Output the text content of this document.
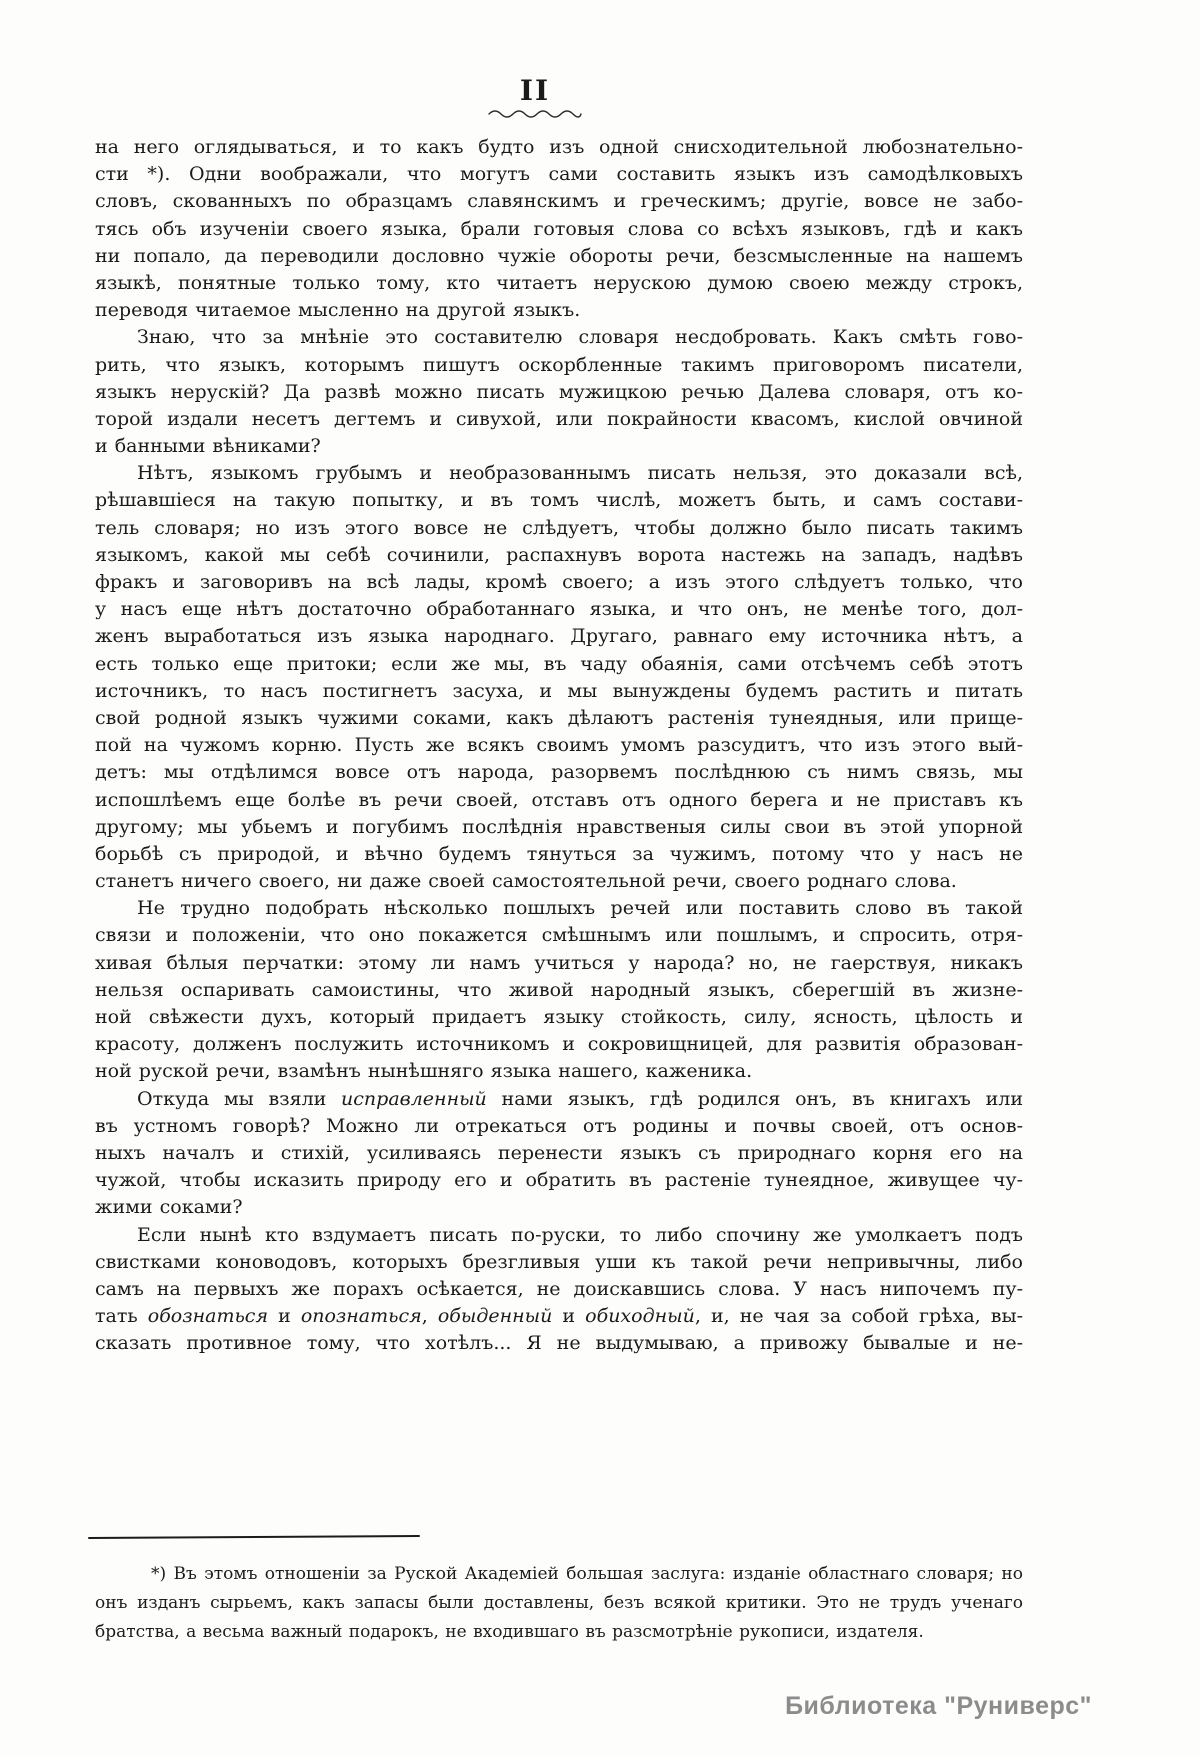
II
на него оглядываться, и то какъ будто изъ одной снисходительной любознательно-
сти *). Одни воображали, что могутъ сами составить языкъ изъ самодѣлковыхъ
словъ, скованныхъ по образцамъ славянскимъ и греческимъ; другіе, вовсе не забо-
тясь объ изученіи своего языка, брали готовыя слова со всѣхъ языковъ, гдѣ и какъ
ни попало, да переводили дословно чужіе обороты речи, безсмысленные на нашемъ
языкѣ, понятные только тому, кто читаетъ нерускою думою своею между строкъ,
переводя читаемое мысленно на другой языкъ.
Знаю, что за мнѣніе это составителю словаря несдобровать. Какъ смѣть гово-
рить, что языкъ, которымъ пишутъ оскорбленные такимъ приговоромъ писатели,
языкъ нерускій? Да развѣ можно писать мужицкою речью Далева словаря, отъ ко-
торой издали несетъ дегтемъ и сивухой, или покрайности квасомъ, кислой овчиной
и банными вѣниками?
Нѣтъ, языкомъ грубымъ и необразованнымъ писать нельзя, это доказали всѣ,
рѣшавшіеся на такую попытку, и въ томъ числѣ, можетъ быть, и самъ состави-
тель словаря; но изъ этого вовсе не слѣдуетъ, чтобы должно было писать такимъ
языкомъ, какой мы себѣ сочинили, распахнувъ ворота настежь на западъ, надѣвъ
фракъ и заговоривъ на всѣ лады, кромѣ своего; а изъ этого слѣдуетъ только, что
у насъ еще нѣтъ достаточно обработаннаго языка, и что онъ, не менѣе того, дол-
женъ выработаться изъ языка народнаго. Другаго, равнаго ему источника нѣтъ, а
есть только еще притоки; если же мы, въ чаду обаянія, сами отсѣчемъ себѣ этотъ
источникъ, то насъ постигнетъ засуха, и мы вынуждены будемъ растить и питать
свой родной языкъ чужими соками, какъ дѣлаютъ растенія тунеядныя, или прище-
пой на чужомъ корню. Пусть же всякъ своимъ умомъ разсудитъ, что изъ этого вый-
детъ: мы отдѣлимся вовсе отъ народа, разорвемъ послѣднюю съ нимъ связь, мы
испошлѣемъ еще болѣе въ речи своей, отставъ отъ одного берега и не приставъ къ
другому; мы убьемъ и погубимъ послѣднія нравственыя силы свои въ этой упорной
борьбѣ съ природой, и вѣчно будемъ тянуться за чужимъ, потому что у насъ не
станетъ ничего своего, ни даже своей самостоятельной речи, своего роднаго слова.
Не трудно подобрать нѣсколько пошлыхъ речей или поставить слово въ такой
связи и положеніи, что оно покажется смѣшнымъ или пошлымъ, и спросить, отря-
хивая бѣлыя перчатки: этому ли намъ учиться у народа? но, не гаерствуя, никакъ
нельзя оспаривать самоистины, что живой народный языкъ, сберегшій въ жизне-
ной свѣжести духъ, который придаетъ языку стойкость, силу, ясность, цѣлость и
красоту, долженъ послужить источникомъ и сокровищницей, для развитія образован-
ной руской речи, взамѣнъ нынѣшняго языка нашего, каженика.
Откуда мы взяли исправленный нами языкъ, гдѣ родился онъ, въ книгахъ или
въ устномъ говорѣ? Можно ли отрекаться отъ родины и почвы своей, отъ основ-
ныхъ началъ и стихій, усиливаясь перенести языкъ съ природнаго корня его на
чужой, чтобы исказить природу его и обратить въ растеніе тунеядное, живущее чу-
жими соками?
Если нынѣ кто вздумаетъ писать по-руски, то либо спочину же умолкаетъ подъ
свистками коноводовъ, которыхъ брезгливыя уши къ такой речи непривычны, либо
самъ на первыхъ же порахъ осѣкается, не доискавшись слова. У насъ нипочемъ пу-
тать обознаться и опознаться, обыденный и обиходный, и, не чая за собой грѣха, вы-
сказать противное тому, что хотѣлъ... Я не выдумываю, а привожу бывалые и не-
*) Въ этомъ отношеніи за Руской Академіей большая заслуга: изданіе областнаго словаря; но
онъ изданъ сырьемъ, какъ запасы были доставлены, безъ всякой критики. Это не трудъ ученаго
братства, а весьма важный подарокъ, не входившаго въ разсмотрѣніе рукописи, издателя.
Библиотека "Руниверс"
